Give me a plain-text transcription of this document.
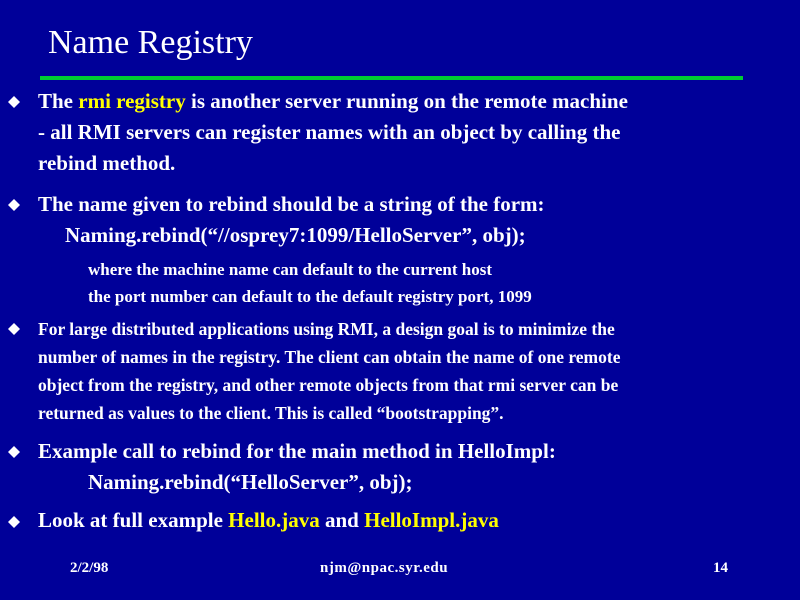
Name Registry
The rmi registry is another server running on the remote machine
- all RMI servers can register names with an object by calling the
rebind method.
The name given to rebind should be a string of the form:
Naming.rebind(“//osprey7:1099/HelloServer”, obj);
where the machine name can default to the current host
the port number can default to the default registry port, 1099
For large distributed applications using RMI, a design goal is to minimize the
number of names in the registry. The client can obtain the name of one remote
object from the registry, and other remote objects from that rmi server can be
returned as values to the client. This is called “bootstrapping”.
Example call to rebind for the main method in HelloImpl:
Naming.rebind(“HelloServer”, obj);
Look at full example Hello.java and HelloImpl.java
2/2/98	njm@npac.syr.edu	14
